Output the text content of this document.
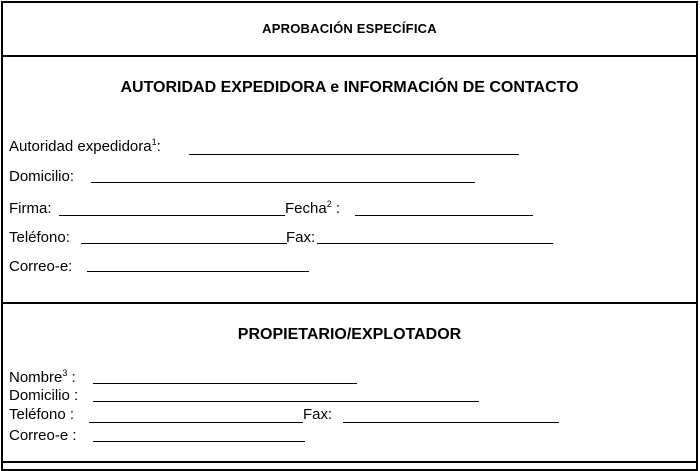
APROBACIÓN ESPECÍFICA
AUTORIDAD EXPEDIDORA e INFORMACIÓN DE CONTACTO
Autoridad expedidora$^1$:
Domicilio:
Firma:	Fecha$^2$ :
Teléfono:	Fax:
Correo-e:
PROPIETARIO/EXPLOTADOR
Nombre$^3$ :
Domicilio :
Teléfono :	Fax:
Correo-e :
